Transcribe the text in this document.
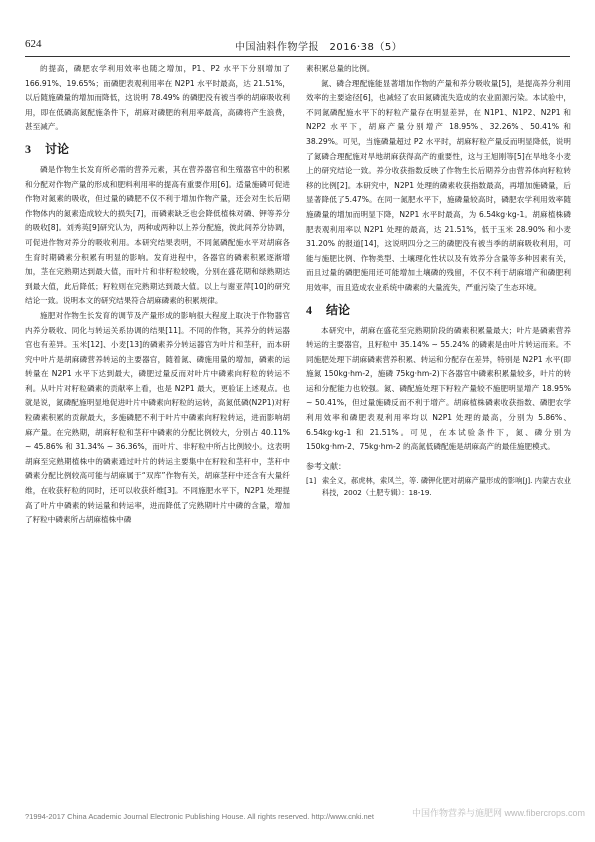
624	中国油料作物学报　2016·38（5）

的提高，磷肥农学利用效率也随之增加，P1、P2 水平下分别增加了 166.91%、19.65%；而磷肥表观利用率在 N2P1 水平时最高，达 21.51%，以后随施磷量的增加而降低，这说明 78.49% 的磷肥没有被当季的胡麻吸收利用，即在低磷高氮配施条件下，胡麻对磷肥的利用率最高，高磷将产生浪费，甚至减产。

3 讨论

磷是作物生长发育所必需的营养元素，其在营养器官和生殖器官中的积累和分配对作物产量的形成和肥料利用率的提高有重要作用[6]。适量施磷可促进作物对氮素的吸收，但过量的磷肥不仅不利于增加作物产量，还会对生长后期作物体内的氮素造成较大的损失[7]，而磷素缺乏也会降低植株对磷、钾等养分的吸收[8]。刘秀英[9]研究认为，两种或两种以上养分配施，彼此间养分协调，可促进作物对养分的吸收利用。本研究结果表明，不同氮磷配施水平对胡麻各生育时期磷素分积累有明显的影响。发育进程中，各器官的磷素积累逐渐增加，茎在完熟期达到最大值，而叶片和非籽粒较晚，分别在盛花期和绿熟期达到最大值，此后降低；籽粒则在完熟期达到最大值。以上与谢亚萍[10]的研究结论一致。说明本文的研究结果符合胡麻磷素的积累规律。

施肥对作物生长发育的调节及产量形成的影响很大程度上取决于作物器官内养分吸收、同化与转运关系协调的结果[11]。不同的作物，其养分的转运器官也有差异。玉米[12]、小麦[13]的磷素养分转运器官为叶片和茎秆，而本研究中叶片是胡麻磷营养转运的主要器官，随着氮、磷施用量的增加，磷素的运转量在 N2P1 水平下达到最大，磷肥过量反而对叶片中磷素向籽粒的转运不利。从叶片对籽粒磷素的贡献率上看，也是 N2P1 最大，更验证上述观点。也就是说，氮磷配施明显地促进叶片中磷素向籽粒的运转，高氮低磷(N2P1)对籽粒磷素积累的贡献最大，多施磷肥不利于叶片中磷素向籽粒转运，进而影响胡麻产量。在完熟期，胡麻籽粒和茎秆中磷素的分配比例较大，分别占 40.11% ~ 45.86% 和 31.34% ~ 36.36%，而叶片、非籽粒中所占比例较小。这表明胡麻至完熟期植株中的磷素通过叶片的转运主要集中在籽粒和茎秆中，茎秆中磷素分配比例较高可能与胡麻属于“双库”作物有关，胡麻茎秆中还含有大量纤维，在收获籽粒的同时，还可以收获纤维[3]。不同施肥水平下，N2P1 处理提高了叶片中磷素的转运量和转运率，进而降低了完熟期叶片中磷的含量，增加了籽粒中磷素所占胡麻植株中磷

素积累总量的比例。

氮、磷合理配施能显著增加作物的产量和养分吸收量[5]，是提高养分利用效率的主要途径[6]，也减轻了农田氮磷流失造成的农业面源污染。本试验中，不同氮磷配施水平下的籽粒产量存在明显差异，在 N1P1、N1P2、N2P1 和 N2P2 水平下，胡麻产量分别增产 18.95%、32.26%、50.41% 和 38.29%。可见，当施磷量超过 P2 水平时，胡麻籽粒产量反而明显降低，说明了氮磷合理配施对旱地胡麻获得高产的重要性，这与王旭刚等[5]在旱地冬小麦上的研究结论一致。养分收获指数反映了作物生长后期养分由营养体向籽粒转移的比例[2]。本研究中，N2P1 处理的磷素收获指数最高，再增加施磷量，后显著降低了5.47%。在同一氮肥水平下，施磷量较高时，磷肥农学利用效率随施磷量的增加而明显下降，N2P1 水平时最高，为 6.54kg·kg-1。胡麻植株磷肥表观利用率以 N2P1 处理的最高，达 21.51%，低于玉米 28.90% 和小麦 31.20% 的报道[14]，这说明四分之三的磷肥没有被当季的胡麻吸收利用，可能与施肥比例、作物类型、土壤理化性状以及有效养分含量等多种因素有关，而且过量的磷肥施用还可能增加土壤磷的残留，不仅不利于胡麻增产和磷肥利用效率，而且造成农业系统中磷素的大量流失，严重污染了生态环境。

4 结论

本研究中，胡麻在盛花至完熟期阶段的磷素积累量最大；叶片是磷素营养转运的主要器官，且籽粒中 35.14% ~ 55.24% 的磷素是由叶片转运而来。不同施肥处理下胡麻磷素营养积累、转运和分配存在差异，特别是 N2P1 水平(即施氮 150kg·hm-2，施磷 75kg·hm-2)下各器官中磷素积累量较多，叶片的转运和分配能力也较强。氮、磷配施处理下籽粒产量较不施肥明显增产 18.95% ~ 50.41%，但过量施磷反而不利于增产。胡麻植株磷素收获指数、磷肥农学利用效率和磷肥表观利用率均以 N2P1 处理的最高，分别为 5.86%、6.54kg·kg-1 和 21.51%。可见，在本试验条件下，氮、磷分别为 150kg·hm-2、75kg·hm-2 的高氮低磷配施是胡麻高产的最佳施肥模式。

参考文献：

[1] 索全义，郝虎林，索风兰，等. 磷钾化肥对胡麻产量形成的影响[J]. 内蒙古农业科技，2002（土肥专辑）：18-19.

?1994-2017 China Academic Journal Electronic Publishing House. All rights reserved. http://www.cnki.net	中国作物营养与施肥网 www.fibercrops.com
